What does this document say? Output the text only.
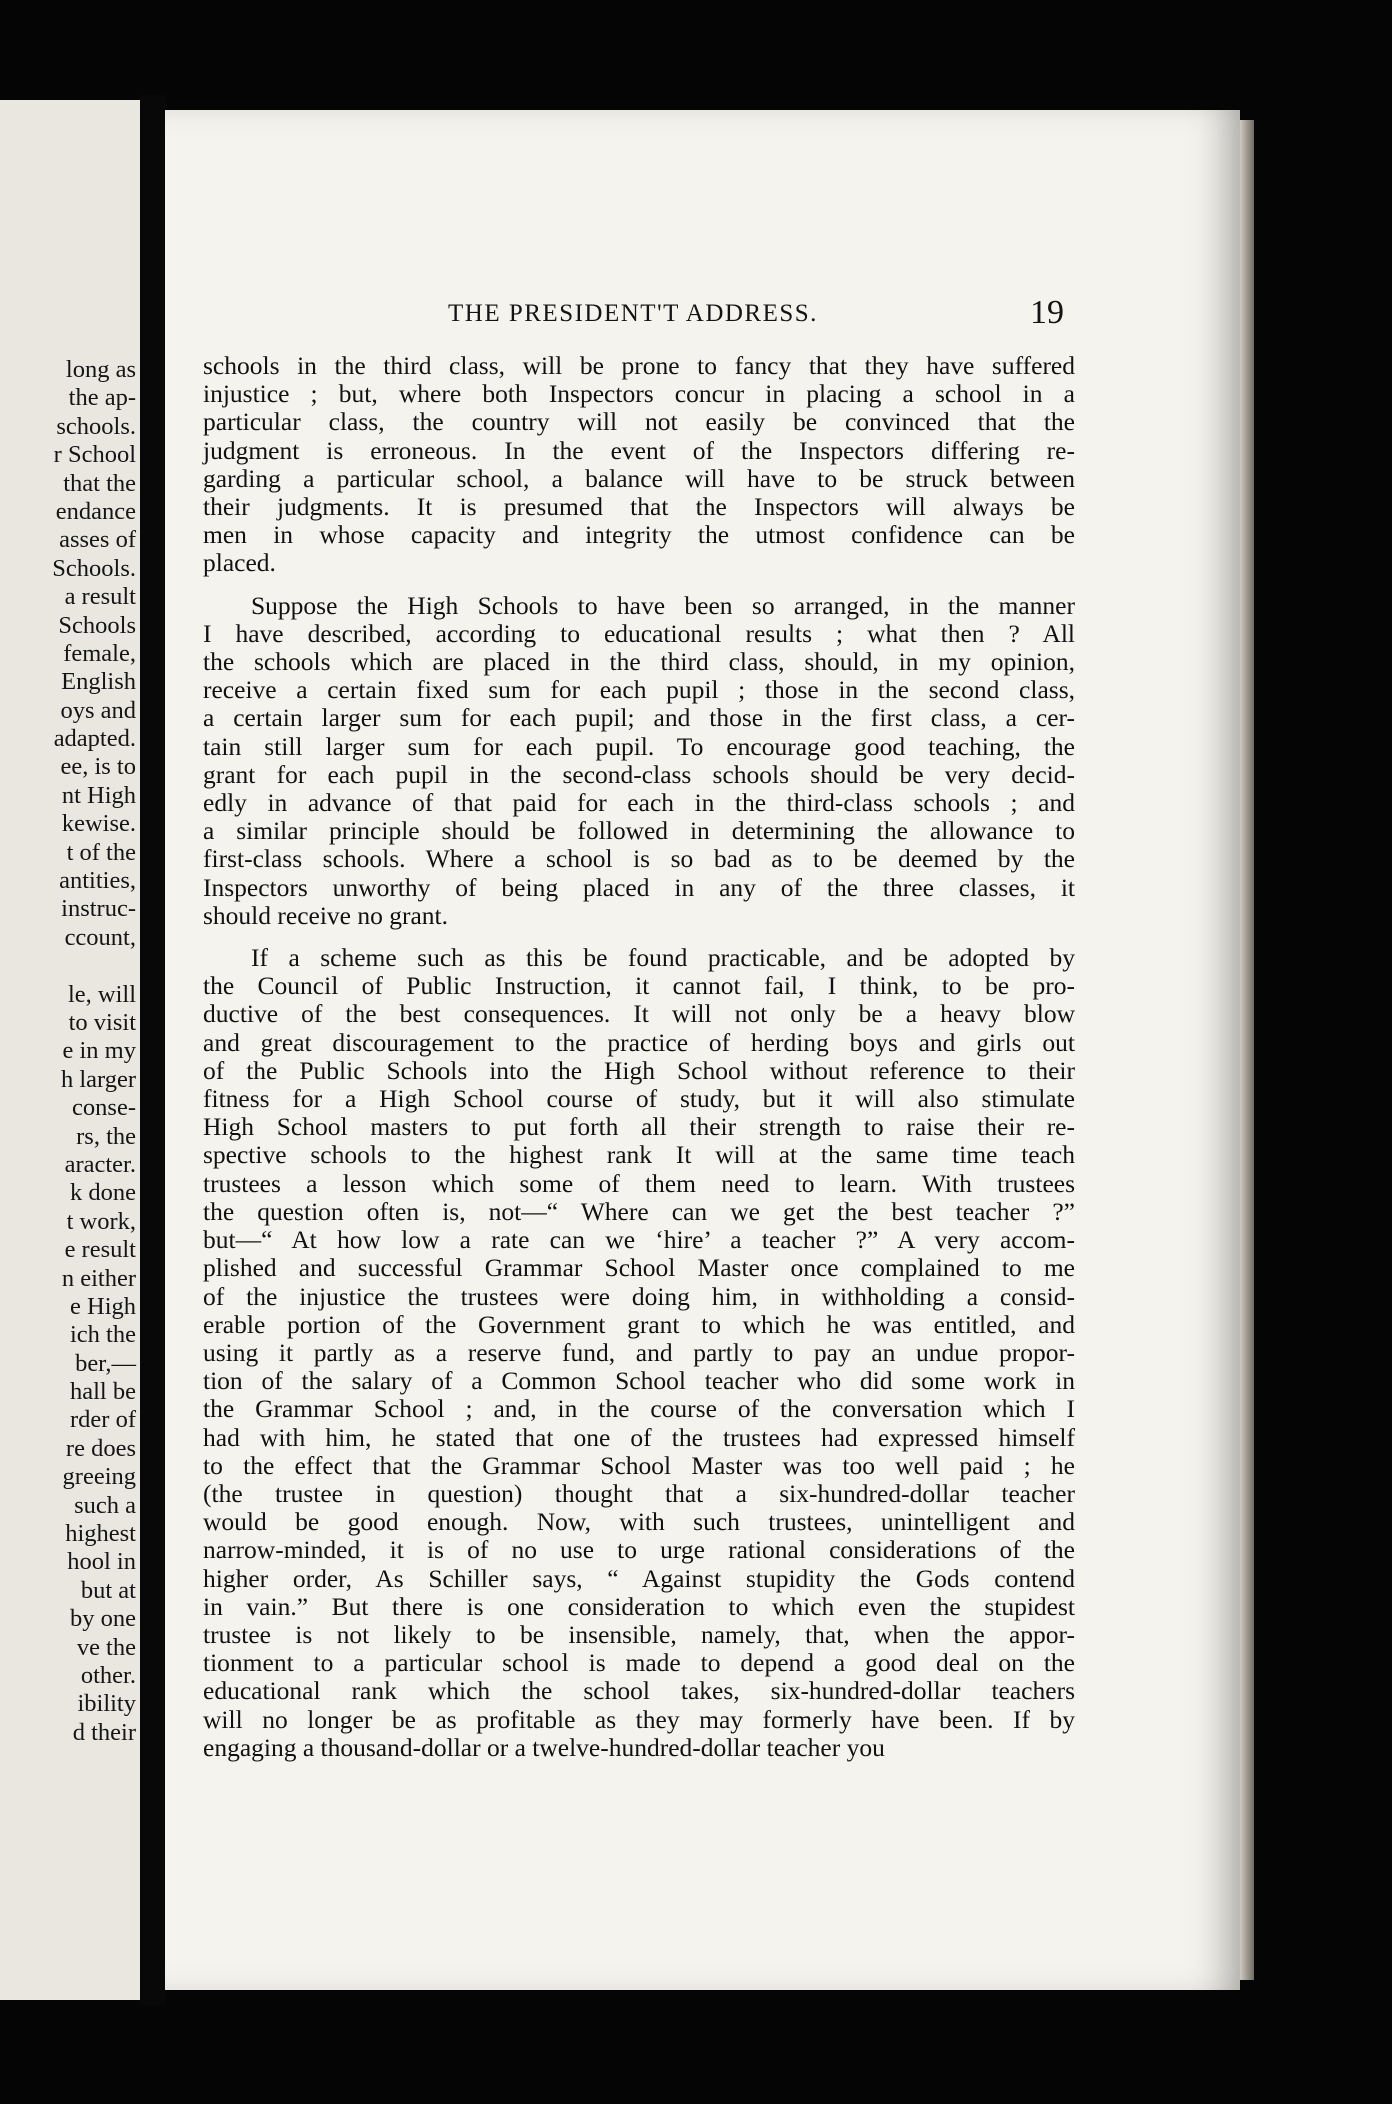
long as
the ap-
schools.
r School
that the
endance
asses of
Schools.
a result
Schools
female,
English
oys and
adapted.
ee, is to
nt High
kewise.
t of the
antities,
instruc-
ccount,
le, will
to visit
e in my
h larger
conse-
rs, the
aracter.
k done
t work,
e result
n either
e High
ich the
ber,—
hall be
rder of
re does
greeing
such a
highest
hool in
but at
by one
ve the
other.
ibility
d their
THE PRESIDENT'T ADDRESS.	19

schools in the third class, will be prone to fancy that they have suffered
injustice ; but, where both Inspectors concur in placing a school in a
particular class, the country will not easily be convinced that the
judgment is erroneous. In the event of the Inspectors differing re-
garding a particular school, a balance will have to be struck between
their judgments. It is presumed that the Inspectors will always be
men in whose capacity and integrity the utmost confidence can be
placed.

Suppose the High Schools to have been so arranged, in the manner
I have described, according to educational results ; what then ? All
the schools which are placed in the third class, should, in my opinion,
receive a certain fixed sum for each pupil ; those in the second class,
a certain larger sum for each pupil; and those in the first class, a cer-
tain still larger sum for each pupil. To encourage good teaching, the
grant for each pupil in the second-class schools should be very decid-
edly in advance of that paid for each in the third-class schools ; and
a similar principle should be followed in determining the allowance to
first-class schools. Where a school is so bad as to be deemed by the
Inspectors unworthy of being placed in any of the three classes, it
should receive no grant.

If a scheme such as this be found practicable, and be adopted by
the Council of Public Instruction, it cannot fail, I think, to be pro-
ductive of the best consequences. It will not only be a heavy blow
and great discouragement to the practice of herding boys and girls out
of the Public Schools into the High School without reference to their
fitness for a High School course of study, but it will also stimulate
High School masters to put forth all their strength to raise their re-
spective schools to the highest rank It will at the same time teach
trustees a lesson which some of them need to learn. With trustees
the question often is, not—“ Where can we get the best teacher ?”
but—“ At how low a rate can we ‘hire’ a teacher ?” A very accom-
plished and successful Grammar School Master once complained to me
of the injustice the trustees were doing him, in withholding a consid-
erable portion of the Government grant to which he was entitled, and
using it partly as a reserve fund, and partly to pay an undue propor-
tion of the salary of a Common School teacher who did some work in
the Grammar School ; and, in the course of the conversation which I
had with him, he stated that one of the trustees had expressed himself
to the effect that the Grammar School Master was too well paid ; he
(the trustee in question) thought that a six-hundred-dollar teacher
would be good enough. Now, with such trustees, unintelligent and
narrow-minded, it is of no use to urge rational considerations of the
higher order, As Schiller says, “ Against stupidity the Gods contend
in vain.” But there is one consideration to which even the stupidest
trustee is not likely to be insensible, namely, that, when the appor-
tionment to a particular school is made to depend a good deal on the
educational rank which the school takes, six-hundred-dollar teachers
will no longer be as profitable as they may formerly have been. If by
engaging a thousand-dollar or a twelve-hundred-dollar teacher you
